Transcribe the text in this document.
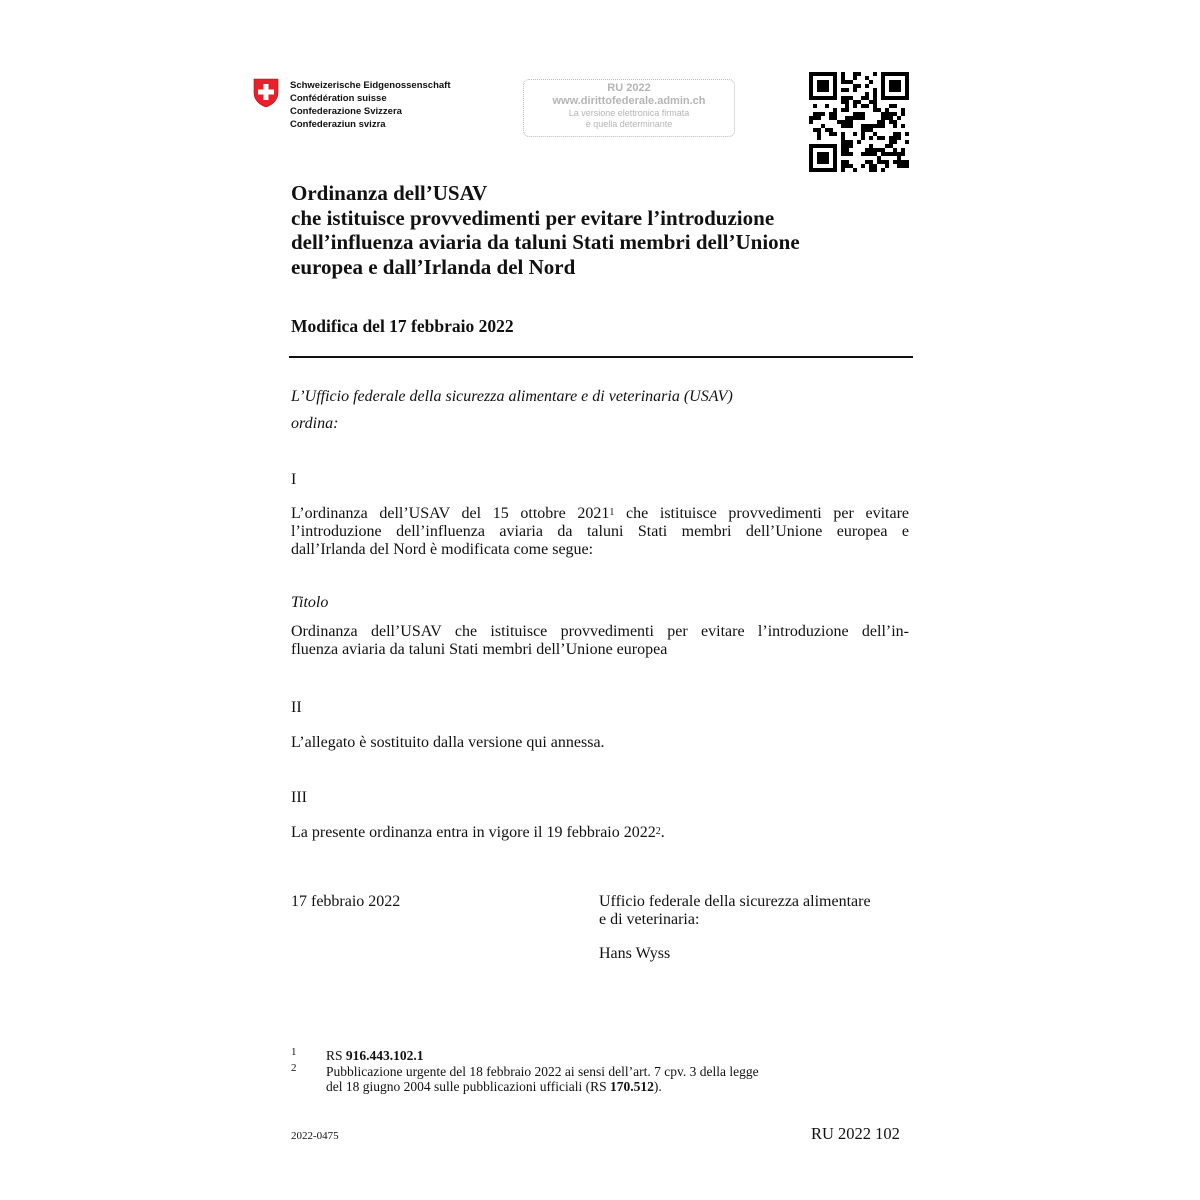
Schweizerische Eidgenossenschaft
Confédération suisse
Confederazione Svizzera
Confederaziun svizra
RU 2022
www.dirittofederale.admin.ch
La versione elettronica firmata
è quella determinante
Ordinanza dell’USAV
che istituisce provvedimenti per evitare l’introduzione
dell’influenza aviaria da taluni Stati membri dell’Unione
europea e dall’Irlanda del Nord
Modifica del 17 febbraio 2022
L’Ufficio federale della sicurezza alimentare e di veterinaria (USAV)
ordina:
I
L’ordinanza dell’USAV del 15 ottobre 2021$^1$ che istituisce provvedimenti per evitare l’introduzione dell’influenza aviaria da taluni Stati membri dell’Unione europea e
dall’Irlanda del Nord è modificata come segue:
Titolo
Ordinanza dell’USAV che istituisce provvedimenti per evitare l’introduzione dell’in-
fluenza aviaria da taluni Stati membri dell’Unione europea
II
L’allegato è sostituito dalla versione qui annessa.
III
La presente ordinanza entra in vigore il 19 febbraio 2022$^2$.
17 febbraio 2022	Ufficio federale della sicurezza alimentare
e di veterinaria:
Hans Wyss
1 RS 916.443.102.1
2 Pubblicazione urgente del 18 febbraio 2022 ai sensi dell’art. 7 cpv. 3 della legge
del 18 giugno 2004 sulle pubblicazioni ufficiali (RS 170.512).
2022-0475	RU 2022 102
